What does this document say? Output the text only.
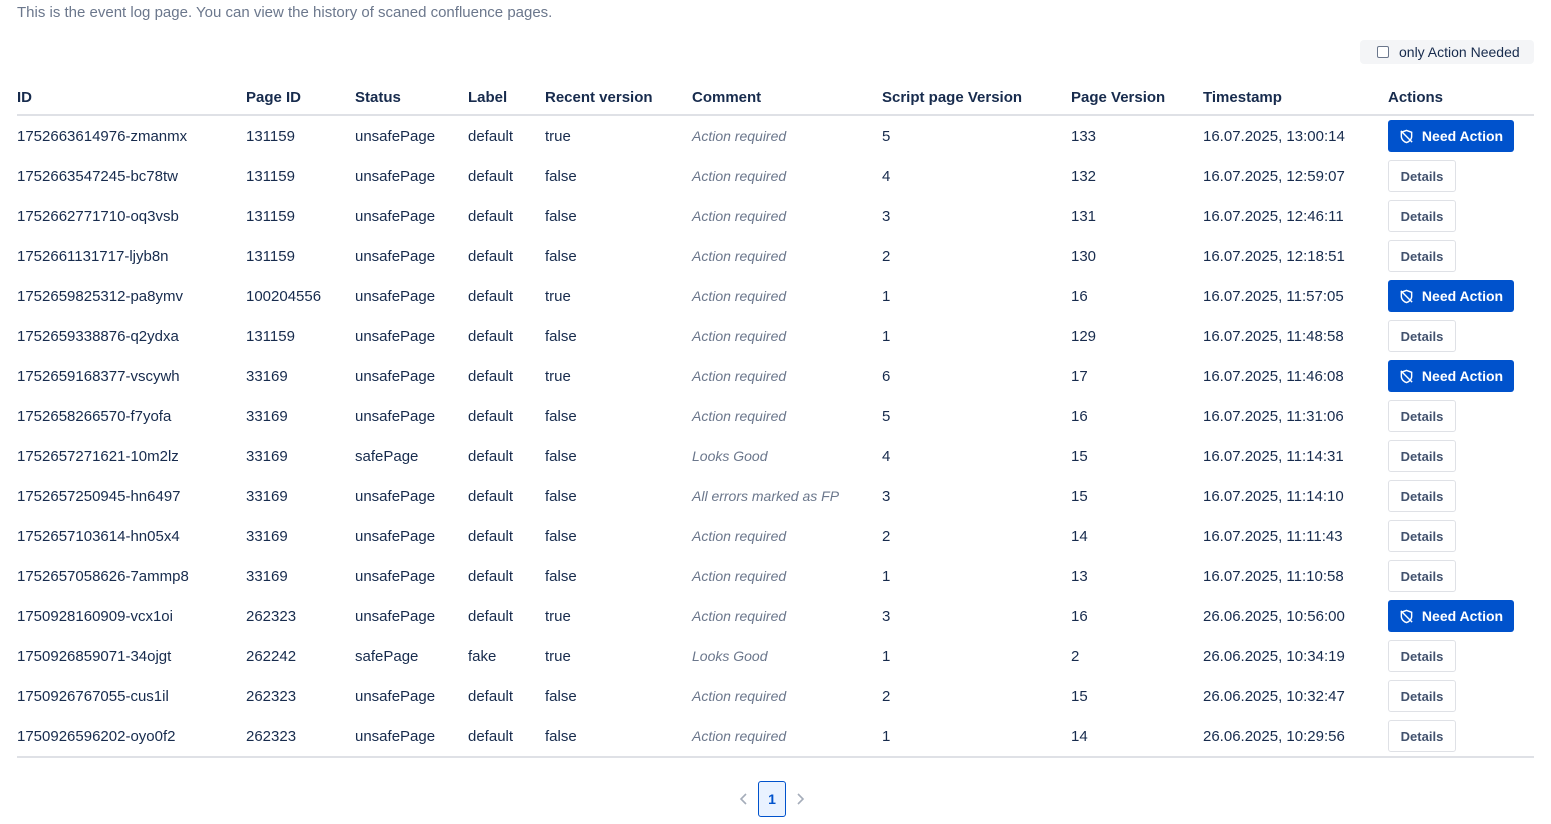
This is the event log page. You can view the history of scaned confluence pages.
only Action Needed
ID	Page ID	Status	Label	Recent version	Comment	Script page Version	Page Version	Timestamp	Actions
1752663614976-zmanmx	131159	unsafePage	default	true	Action required	5	133	16.07.2025, 13:00:14	Need Action

1752663547245-bc78tw	131159	unsafePage	default	false	Action required	4	132	16.07.2025, 12:59:07	Details
1752662771710-oq3vsb	131159	unsafePage	default	false	Action required	3	131	16.07.2025, 12:46:11	Details
1752661131717-ljyb8n	131159	unsafePage	default	false	Action required	2	130	16.07.2025, 12:18:51	Details
1752659825312-pa8ymv	100204556	unsafePage	default	true	Action required	1	16	16.07.2025, 11:57:05	Need Action

1752659338876-q2ydxa	131159	unsafePage	default	false	Action required	1	129	16.07.2025, 11:48:58	Details
1752659168377-vscywh	33169	unsafePage	default	true	Action required	6	17	16.07.2025, 11:46:08	Need Action

1752658266570-f7yofa	33169	unsafePage	default	false	Action required	5	16	16.07.2025, 11:31:06	Details
1752657271621-10m2lz	33169	safePage	default	false	Looks Good	4	15	16.07.2025, 11:14:31	Details
1752657250945-hn6497	33169	unsafePage	default	false	All errors marked as FP	3	15	16.07.2025, 11:14:10	Details
1752657103614-hn05x4	33169	unsafePage	default	false	Action required	2	14	16.07.2025, 11:11:43	Details
1752657058626-7ammp8	33169	unsafePage	default	false	Action required	1	13	16.07.2025, 11:10:58	Details
1750928160909-vcx1oi	262323	unsafePage	default	true	Action required	3	16	26.06.2025, 10:56:00	Need Action

1750926859071-34ojgt	262242	safePage	fake	true	Looks Good	1	2	26.06.2025, 10:34:19	Details
1750926767055-cus1il	262323	unsafePage	default	false	Action required	2	15	26.06.2025, 10:32:47	Details
1750926596202-oyo0f2	262323	unsafePage	default	false	Action required	1	14	26.06.2025, 10:29:56	Details
1
